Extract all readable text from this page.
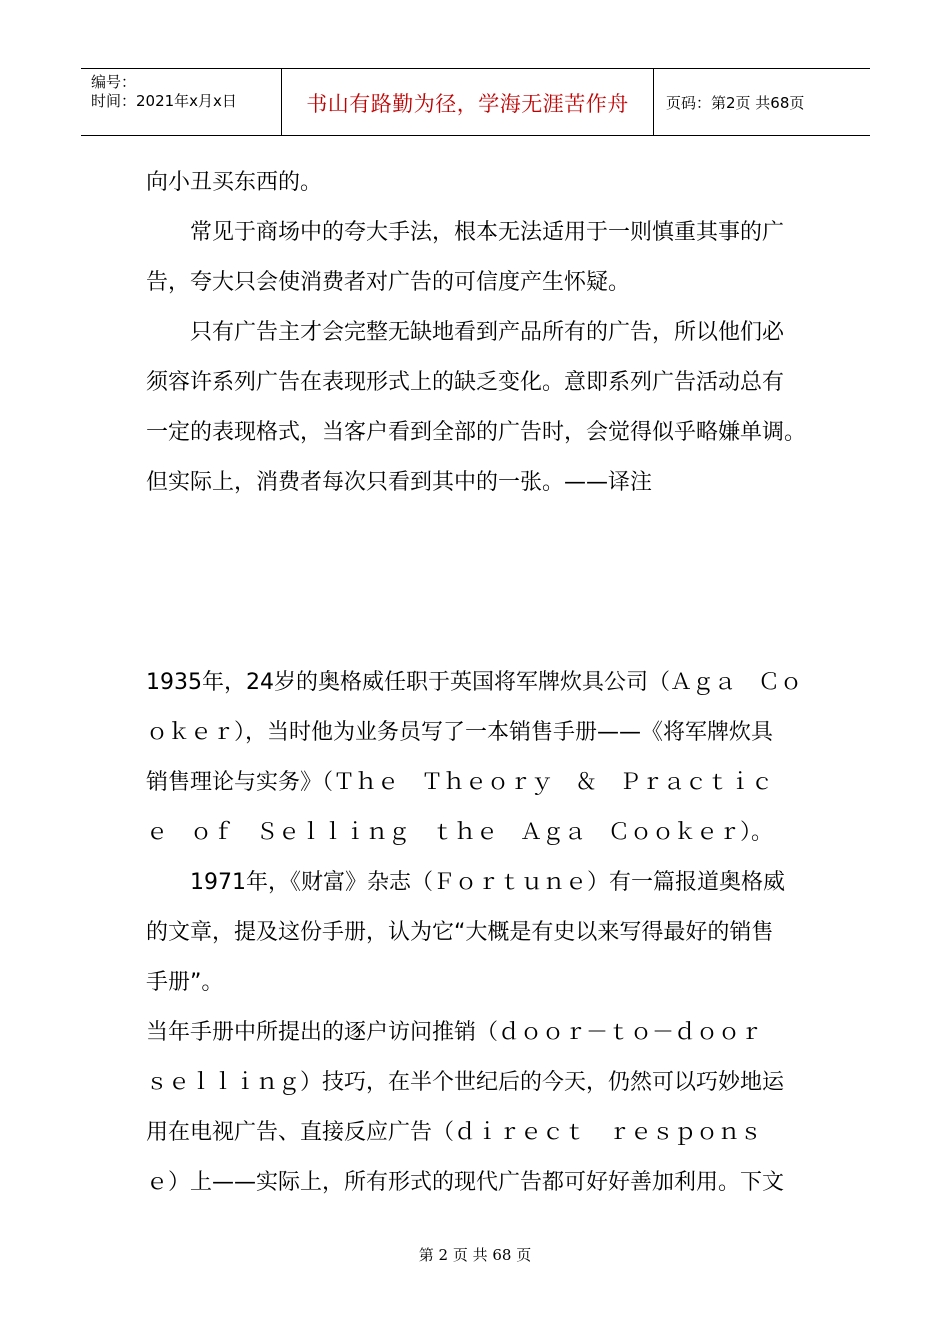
编号：
时间：2021年x月x日	书山有路勤为径，学海无涯苦作舟	页码：第2页 共68页
向小丑买东西的。
常见于商场中的夸大手法，根本无法适用于一则慎重其事的广
告，夸大只会使消费者对广告的可信度产生怀疑。
只有广告主才会完整无缺地看到产品所有的广告，所以他们必
须容许系列广告在表现形式上的缺乏变化。意即系列广告活动总有
一定的表现格式，当客户看到全部的广告时，会觉得似乎略嫌单调。
但实际上，消费者每次只看到其中的一张。——译注
1935年，24岁的奥格威任职于英国将军牌炊具公司（Ａｇａ　Ｃｏ
ｏｋｅｒ），当时他为业务员写了一本销售手册——《将军牌炊具
销售理论与实务》（Ｔｈｅ　Ｔｈｅｏｒｙ　＆　Ｐｒａｃｔｉｃ
ｅ　ｏｆ　Ｓｅｌｌｉｎｇ　ｔｈｅ　Ａｇａ　Ｃｏｏｋｅｒ）。
1971年，《财富》杂志（Ｆｏｒｔｕｎｅ）有一篇报道奥格威
的文章，提及这份手册，认为它“大概是有史以来写得最好的销售
手册”。
当年手册中所提出的逐户访问推销（ｄｏｏｒ－ｔｏ－ｄｏｏｒ
ｓｅｌｌｉｎｇ）技巧，在半个世纪后的今天，仍然可以巧妙地运
用在电视广告、直接反应广告（ｄｉｒｅｃｔ　ｒｅｓｐｏｎｓ
ｅ）上——实际上，所有形式的现代广告都可好好善加利用。下文
第 2 页 共 68 页
